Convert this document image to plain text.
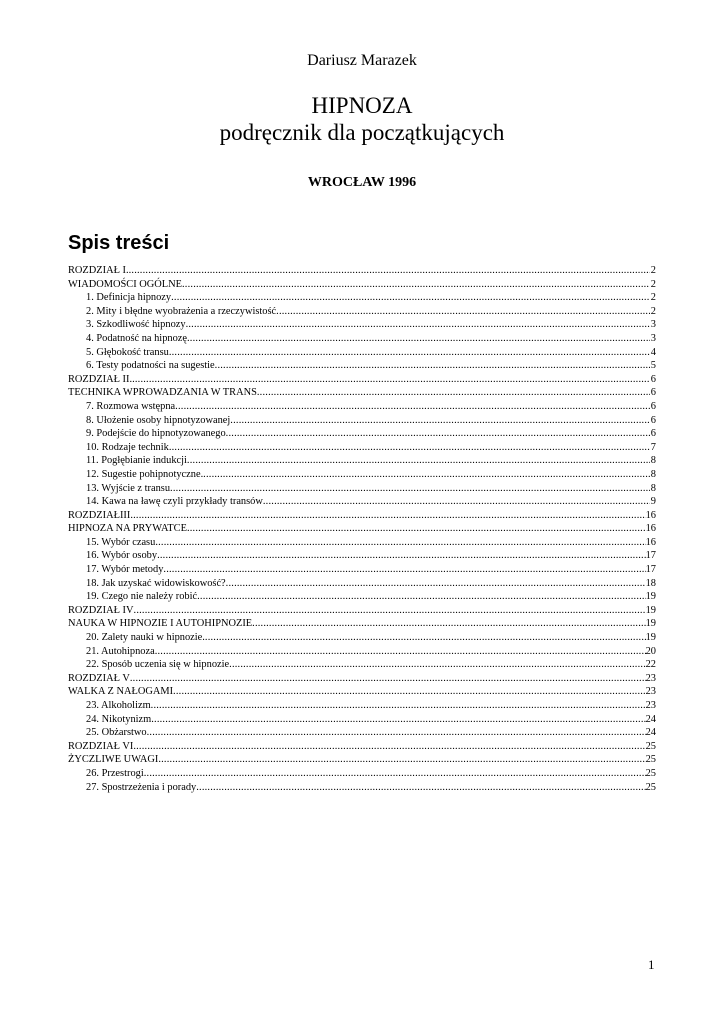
Dariusz Marazek
HIPNOZA
podręcznik dla początkujących
WROCŁAW 1996
Spis treści
ROZDZIAŁ I. .....	2
WIADOMOŚCI OGÓLNE .....	2
1. Definicja hipnozy .....	2
2. Mity i błędne wyobrażenia a rzeczywistość .....	2
3. Szkodliwość hipnozy .....	3
4. Podatność na hipnozę .....	3
5. Głębokość transu .....	4
6. Testy podatności na sugestie .....	5
ROZDZIAŁ II. .....	6
TECHNIKA WPROWADZANIA W TRANS .....	6
7. Rozmowa wstępna .....	6
8. Ułożenie osoby hipnotyzowanej .....	6
9. Podejście do hipnotyzowanego .....	6
10. Rodzaje technik .....	7
11. Pogłębianie indukcji .....	8
12. Sugestie pohipnotyczne. .....	8
13. Wyjście z transu .....	8
14. Kawa na ławę czyli przykłady transów .....	9
ROZDZIAŁIII .....	16
HIPNOZA NA PRYWATCE .....	16
15. Wybór czasu .....	16
16. Wybór osoby .....	17
17. Wybór metody .....	17
18. Jak uzyskać widowiskowość? .....	18
19. Czego nie należy robić .....	19
ROZDZIAŁ IV .....	19
NAUKA W HIPNOZIE I AUTOHIPNOZIE .....	19
20. Zalety nauki w hipnozie. .....	19
21. Autohipnoza .....	20
22. Sposób uczenia się w hipnozie .....	22
ROZDZIAŁ V .....	23
WALKA Z NAŁOGAMI .....	23
23. Alkoholizm .....	23
24. Nikotynizm .....	24
25. Obżarstwo .....	24
ROZDZIAŁ VI .....	25
ŻYCZLIWE UWAGI .....	25
26. Przestrogi .....	25
27. Spostrzeżenia i porady .....	25
1
